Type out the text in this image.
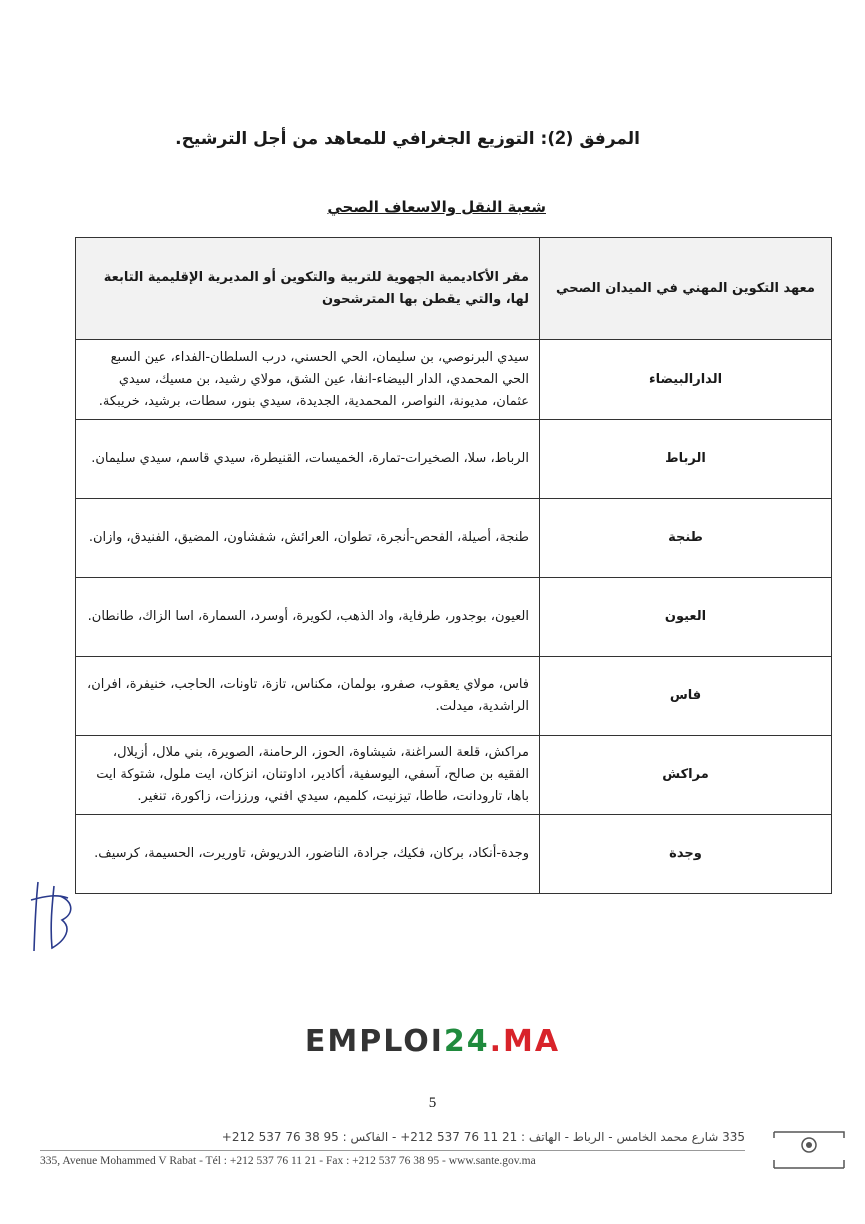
المرفق (2): التوزيع الجغرافي للمعاهد من أجل الترشيح.
شعبة النقل والاسعاف الصحي
معهد التكوين المهني في الميدان الصحي	مقر الأكاديمية الجهوية للتربية والتكوين أو المديرية الإقليمية التابعة لها، والتي يقطن بها المترشحون
الدارالبيضاء	سيدي البرنوصي، بن سليمان، الحي الحسني، درب السلطان-الفداء، عين السبع الحي المحمدي، الدار البيضاء-انفا، عين الشق، مولاي رشيد، بن مسيك، سيدي عثمان، مديونة، النواصر، المحمدية، الجديدة، سيدي بنور، سطات، برشيد، خريبكة.
الرباط	الرباط، سلا، الصخيرات-تمارة، الخميسات، القنيطرة، سيدي قاسم، سيدي سليمان.
طنجة	طنجة، أصيلة، الفحص-أنجرة، تطوان، العرائش، شفشاون، المضيق، الفنيدق، وازان.
العيون	العيون، بوجدور، طرفاية، واد الذهب، لكويرة، أوسرد، السمارة، اسا الزاك، طانطان.
فاس	فاس، مولاي يعقوب، صفرو، بولمان، مكناس، تازة، تاونات، الحاجب، خنيفرة، افران، الراشدية، ميدلت.
مراكش	مراكش، قلعة السراغنة، شيشاوة، الحوز، الرحامنة، الصويرة، بني ملال، أزيلال، الفقيه بن صالح، آسفي، اليوسفية، أكادير، اداوتنان، انزكان، ايت ملول، شتوكة ايت باها، تارودانت، طاطا، تيزنيت، كلميم، سيدي افني، ورززات، زاكورة، تنغير.
وجدة	وجدة-أنكاد، بركان، فكيك، جرادة، الناضور، الدريوش، تاوريرت، الحسيمة، كرسيف.
EMPLOI24.MA
5
335 شارع محمد الخامس - الرباط - الهاتف : 21 11 76 537 212+ - الفاكس : 95 38 76 537 212+
335, Avenue Mohammed V Rabat - Tél : +212 537 76 11 21 - Fax : +212 537 76 38 95 - www.sante.gov.ma
